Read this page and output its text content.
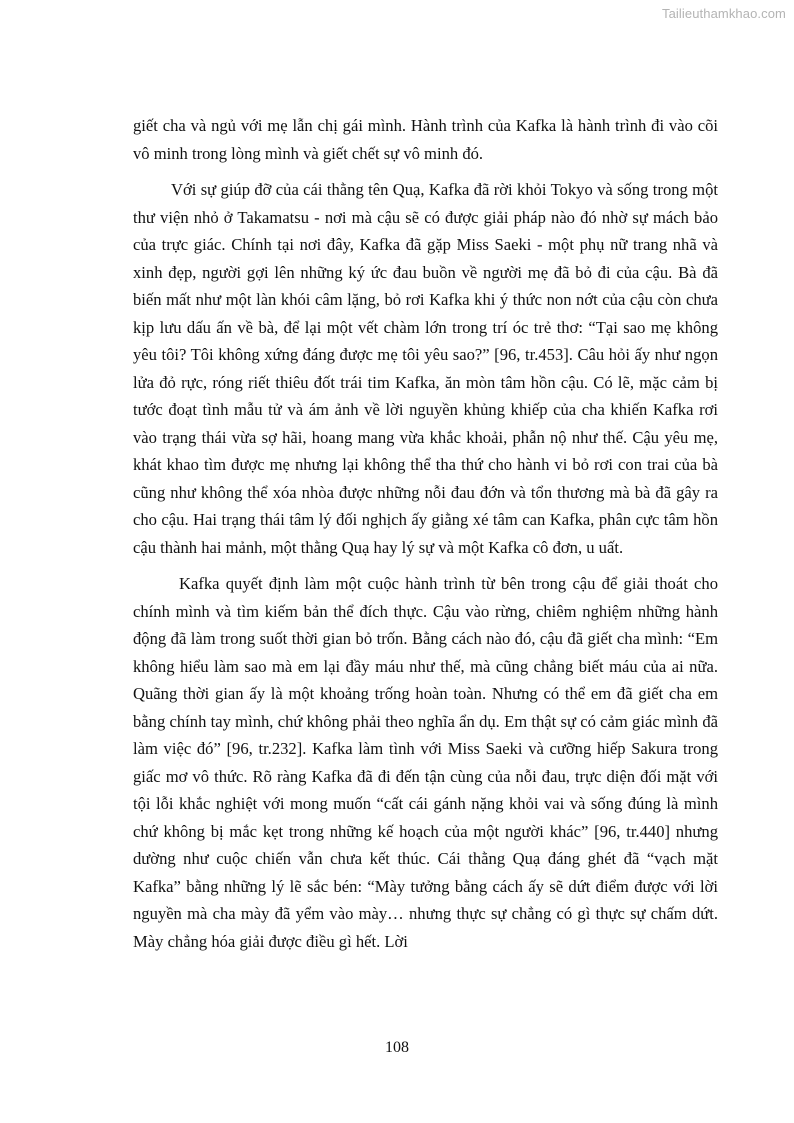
Tailieuthamkhao.com

giết cha và ngủ với mẹ lẫn chị gái mình. Hành trình của Kafka là hành trình đi vào cõi vô minh trong lòng mình và giết chết sự vô minh đó.

Với sự giúp đỡ của cái thằng tên Quạ, Kafka đã rời khỏi Tokyo và sống trong một thư viện nhỏ ở Takamatsu - nơi mà cậu sẽ có được giải pháp nào đó nhờ sự mách bảo của trực giác. Chính tại nơi đây, Kafka đã gặp Miss Saeki - một phụ nữ trang nhã và xinh đẹp, người gợi lên những ký ức đau buồn về người mẹ đã bỏ đi của cậu. Bà đã biến mất như một làn khói câm lặng, bỏ rơi Kafka khi ý thức non nớt của cậu còn chưa kịp lưu dấu ấn về bà, để lại một vết chàm lớn trong trí óc trẻ thơ: “Tại sao mẹ không yêu tôi? Tôi không xứng đáng được mẹ tôi yêu sao?” [96, tr.453]. Câu hỏi ấy như ngọn lửa đỏ rực, róng riết thiêu đốt trái tim Kafka, ăn mòn tâm hồn cậu. Có lẽ, mặc cảm bị tước đoạt tình mẫu tử và ám ảnh về lời nguyền khủng khiếp của cha khiến Kafka rơi vào trạng thái vừa sợ hãi, hoang mang vừa khắc khoải, phẫn nộ như thế. Cậu yêu mẹ, khát khao tìm được mẹ nhưng lại không thể tha thứ cho hành vi bỏ rơi con trai của bà cũng như không thể xóa nhòa được những nỗi đau đớn và tổn thương mà bà đã gây ra cho cậu. Hai trạng thái tâm lý đối nghịch ấy giằng xé tâm can Kafka, phân cực tâm hồn cậu thành hai mảnh, một thằng Quạ hay lý sự và một Kafka cô đơn, u uất.

Kafka quyết định làm một cuộc hành trình từ bên trong cậu để giải thoát cho chính mình và tìm kiếm bản thể đích thực. Cậu vào rừng, chiêm nghiệm những hành động đã làm trong suốt thời gian bỏ trốn. Bằng cách nào đó, cậu đã giết cha mình: “Em không hiểu làm sao mà em lại đầy máu như thế, mà cũng chẳng biết máu của ai nữa. Quãng thời gian ấy là một khoảng trống hoàn toàn. Nhưng có thể em đã giết cha em bằng chính tay mình, chứ không phải theo nghĩa ẩn dụ. Em thật sự có cảm giác mình đã làm việc đó” [96, tr.232]. Kafka làm tình với Miss Saeki và cưỡng hiếp Sakura trong giấc mơ vô thức. Rõ ràng Kafka đã đi đến tận cùng của nỗi đau, trực diện đối mặt với tội lỗi khắc nghiệt với mong muốn “cất cái gánh nặng khỏi vai và sống đúng là mình chứ không bị mắc kẹt trong những kế hoạch của một người khác” [96, tr.440] nhưng dường như cuộc chiến vẫn chưa kết thúc. Cái thằng Quạ đáng ghét đã “vạch mặt Kafka” bằng những lý lẽ sắc bén: “Mày tưởng bằng cách ấy sẽ dứt điểm được với lời nguyền mà cha mày đã yểm vào mày… nhưng thực sự chẳng có gì thực sự chấm dứt. Mày chẳng hóa giải được điều gì hết. Lời

108
